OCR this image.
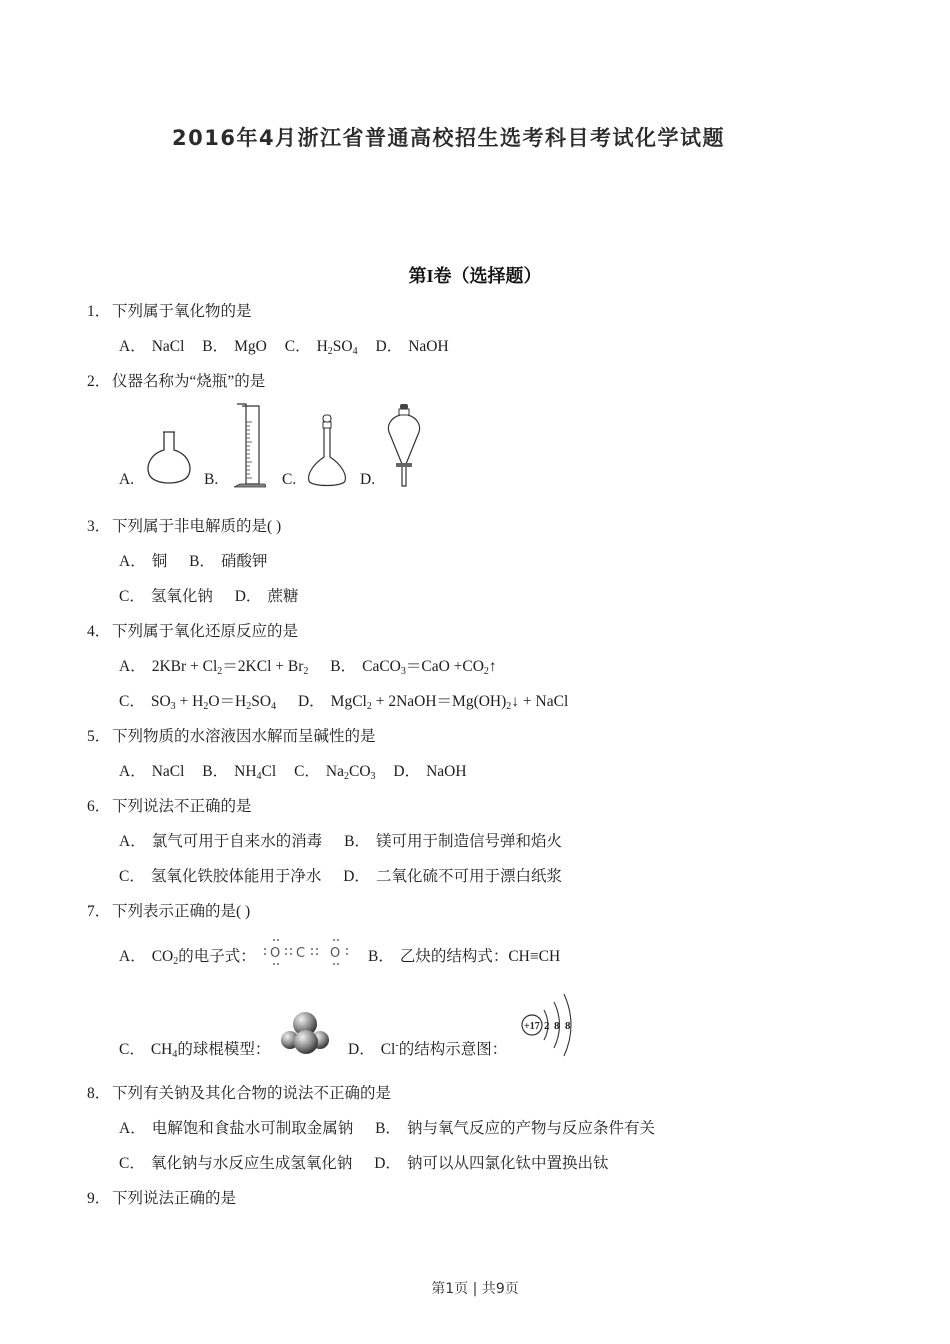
2016年4月浙江省普通高校招生选考科目考试化学试题
第I卷（选择题）
1． 下列属于氧化物的是
A． NaCl B． MgO C． $H_2SO_4$ D． NaOH
2． 仪器名称为“烧瓶”的是
A.	B.	C.	D.
3． 下列属于非电解质的是( )
A． 铜 B． 硝酸钾
C． 氢氧化钠 D． 蔗糖
4． 下列属于氧化还原反应的是
A． $2KBr + Cl_2=2KCl + Br_2$ B． CaCO$_3$＝CaO $+CO_2↑$
C． $SO_3 + H_2O=H_2SO_4$ D． MgCl$_2$ + $2NaOH=Mg(OH)_2↓$ + NaCl
5． 下列物质的水溶液因水解而呈碱性的是
A． NaCl B． $NH_4Cl$ C． $Na_2CO_3$ D． NaOH
6． 下列说法不正确的是
A． 氯气可用于自来水的消毒 B． 镁可用于制造信号弹和焰火
C． 氢氧化铁胶体能用于净水 D． 二氧化硫不可用于漂白纸浆
7． 下列表示正确的是( )
A． $CO_2$的电子式： O C O B． 乙炔的结构式：CH≡CH
C． $CH_4$的球棍模型：	D． Cl-的结构示意图：
+17 2 8 8
8． 下列有关钠及其化合物的说法不正确的是
A． 电解饱和食盐水可制取金属钠 B． 钠与氧气反应的产物与反应条件有关
C． 氧化钠与水反应生成氢氧化钠 D． 钠可以从四氯化钛中置换出钛
9． 下列说法正确的是
第1页 | 共9页
